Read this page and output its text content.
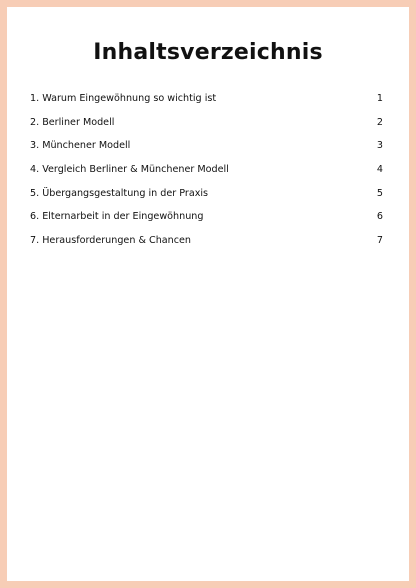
Inhaltsverzeichnis
1. Warum Eingewöhnung so wichtig ist	1
2. Berliner Modell	2
3. Münchener Modell	3
4. Vergleich Berliner & Münchener Modell	4
5. Übergangsgestaltung in der Praxis	5
6. Elternarbeit in der Eingewöhnung	6
7. Herausforderungen & Chancen	7
